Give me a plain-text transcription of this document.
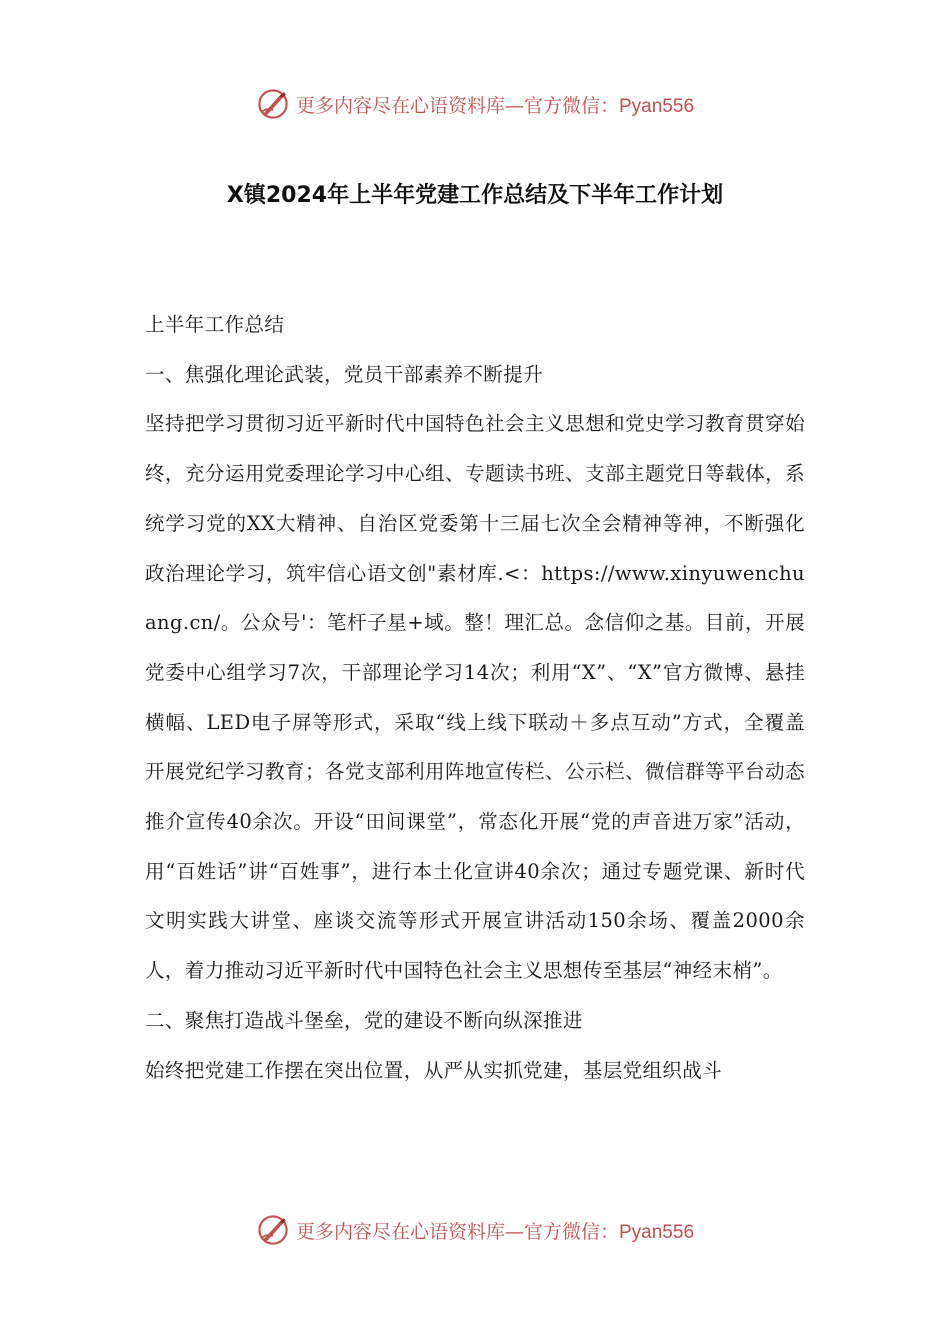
更多内容尽在心语资料库—官方微信：Pyan556
X镇2024年上半年党建工作总结及下半年工作计划

上半年工作总结

一、焦强化理论武装，党员干部素养不断提升

坚持把学习贯彻习近平新时代中国特色社会主义思想和党史学习教育贯穿始终，充分运用党委理论学习中心组、专题读书班、支部主题党日等载体，系统学习党的XX大精神、自治区党委第十三届七次全会精神等神，不断强化政治理论学习，筑牢信心语文创"素材库.<：https://www.xinyuwenchuang.cn/。公众号'：笔杆子星+域。整！理汇总。念信仰之基。目前，开展党委中心组学习7次，干部理论学习14次；利用“X”、“X”官方微博、悬挂横幅、LED电子屏等形式，采取“线上线下联动＋多点互动”方式，全覆盖开展党纪学习教育；各党支部利用阵地宣传栏、公示栏、微信群等平台动态推介宣传40余次。开设“田间课堂”，常态化开展“党的声音进万家”活动，用“百姓话”讲“百姓事”，进行本土化宣讲40余次；通过专题党课、新时代文明实践大讲堂、座谈交流等形式开展宣讲活动150余场、覆盖2000余人，着力推动习近平新时代中国特色社会主义思想传至基层“神经末梢”。

二、聚焦打造战斗堡垒，党的建设不断向纵深推进

始终把党建工作摆在突出位置，从严从实抓党建，基层党组织战斗

更多内容尽在心语资料库—官方微信：Pyan556
